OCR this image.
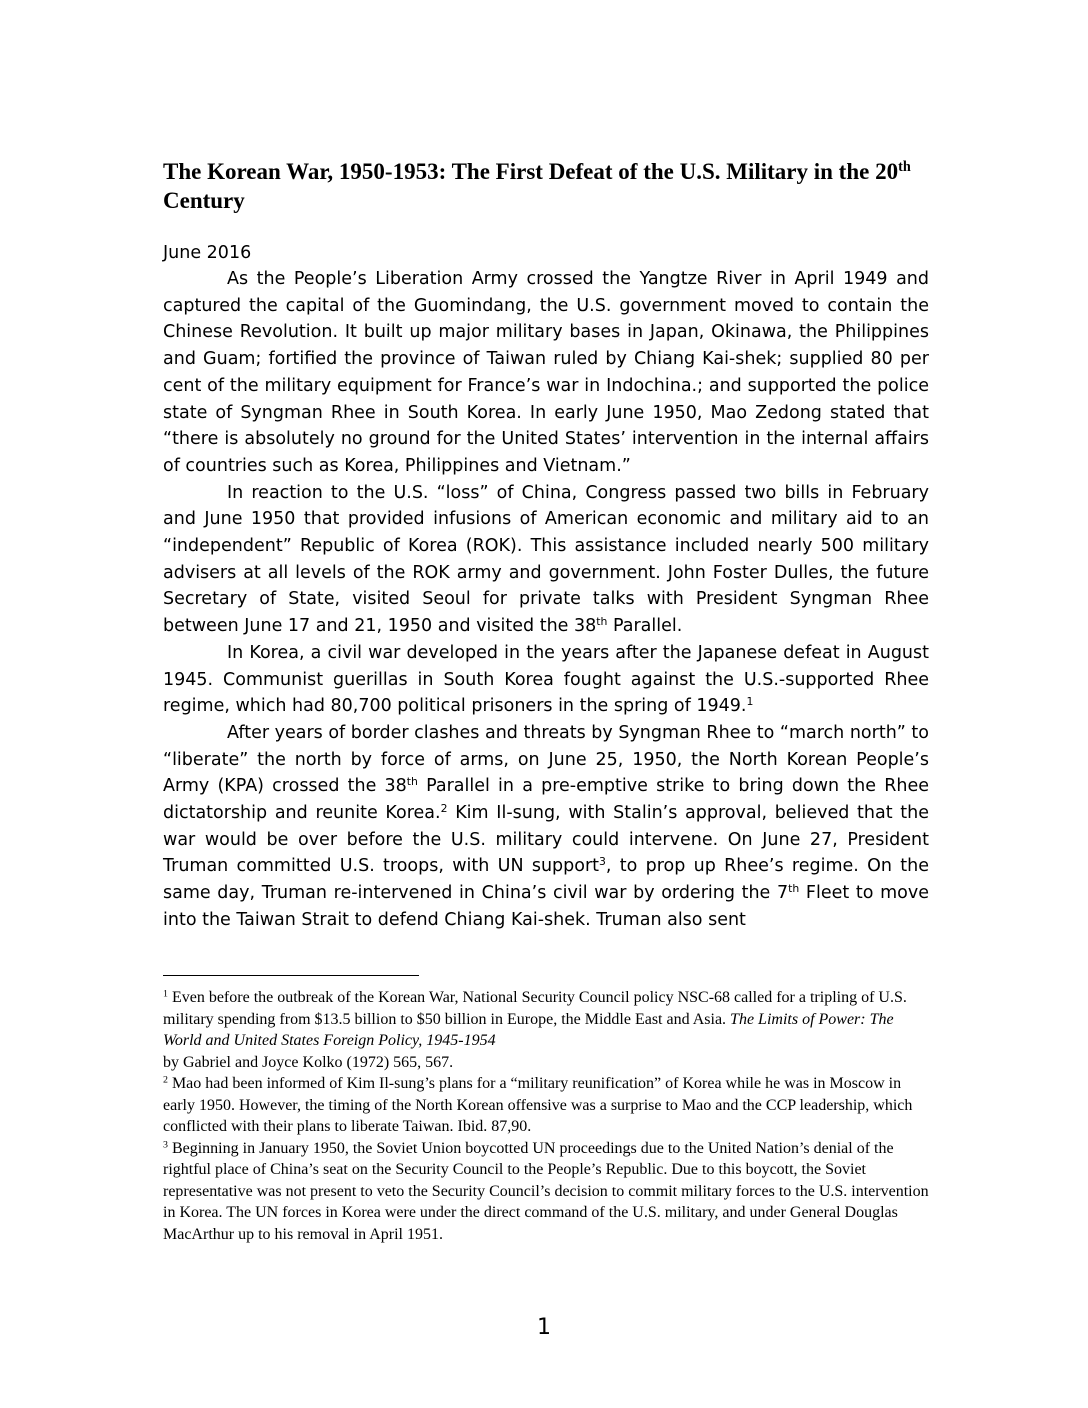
The Korean War, 1950-1953: The First Defeat of the U.S. Military in the 20th Century
June 2016

As the People’s Liberation Army crossed the Yangtze River in April 1949 and captured the capital of the Guomindang, the U.S. government moved to contain the Chinese Revolution. It built up major military bases in Japan, Okinawa, the Philippines and Guam; fortified the province of Taiwan ruled by Chiang Kai-shek; supplied 80 per cent of the military equipment for France’s war in Indochina.; and supported the police state of Syngman Rhee in South Korea. In early June 1950, Mao Zedong stated that “there is absolutely no ground for the United States’ intervention in the internal affairs of countries such as Korea, Philippines and Vietnam.”

In reaction to the U.S. “loss” of China, Congress passed two bills in February and June 1950 that provided infusions of American economic and military aid to an “independent” Republic of Korea (ROK). This assistance included nearly 500 military advisers at all levels of the ROK army and government. John Foster Dulles, the future Secretary of State, visited Seoul for private talks with President Syngman Rhee between June 17 and 21, 1950 and visited the 38th Parallel.

In Korea, a civil war developed in the years after the Japanese defeat in August 1945. Communist guerillas in South Korea fought against the U.S.-supported Rhee regime, which had 80,700 political prisoners in the spring of 1949.$^1$

After years of border clashes and threats by Syngman Rhee to “march north” to “liberate” the north by force of arms, on June 25, 1950, the North Korean People’s Army (KPA) crossed the 38th Parallel in a pre-emptive strike to bring down the Rhee dictatorship and reunite Korea.$^2$ Kim Il-sung, with Stalin’s approval, believed that the war would be over before the U.S. military could intervene. On June 27, President Truman committed U.S. troops, with UN support$^3$, to prop up Rhee’s regime. On the same day, Truman re-intervened in China’s civil war by ordering the 7th Fleet to move into the Taiwan Strait to defend Chiang Kai-shek. Truman also sent

$^1$ Even before the outbreak of the Korean War, National Security Council policy NSC-68 called for a tripling of U.S. military spending from $13.5 billion to $50 billion in Europe, the Middle East and Asia. The Limits of Power: The World and United States Foreign Policy, 1945-1954
by Gabriel and Joyce Kolko (1972) 565, 567.

$^2$ Mao had been informed of Kim Il-sung’s plans for a “military reunification” of Korea while he was in Moscow in early 1950. However, the timing of the North Korean offensive was a surprise to Mao and the CCP leadership, which conflicted with their plans to liberate Taiwan. Ibid. 87,90.

$^3$ Beginning in January 1950, the Soviet Union boycotted UN proceedings due to the United Nation’s denial of the rightful place of China’s seat on the Security Council to the People’s Republic. Due to this boycott, the Soviet representative was not present to veto the Security Council’s decision to commit military forces to the U.S. intervention in Korea. The UN forces in Korea were under the direct command of the U.S. military, and under General Douglas MacArthur up to his removal in April 1951.

1
